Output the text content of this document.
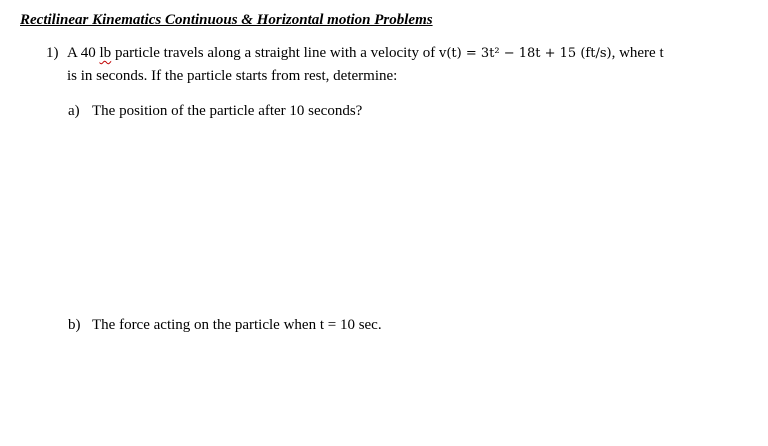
Rectilinear Kinematics Continuous & Horizontal motion Problems
1) A 40 lb particle travels along a straight line with a velocity of v(t) = 3t² − 18t + 15 (ft/s), where t
is in seconds. If the particle starts from rest, determine:
a) The position of the particle after 10 seconds?
b) The force acting on the particle when t = 10 sec.
